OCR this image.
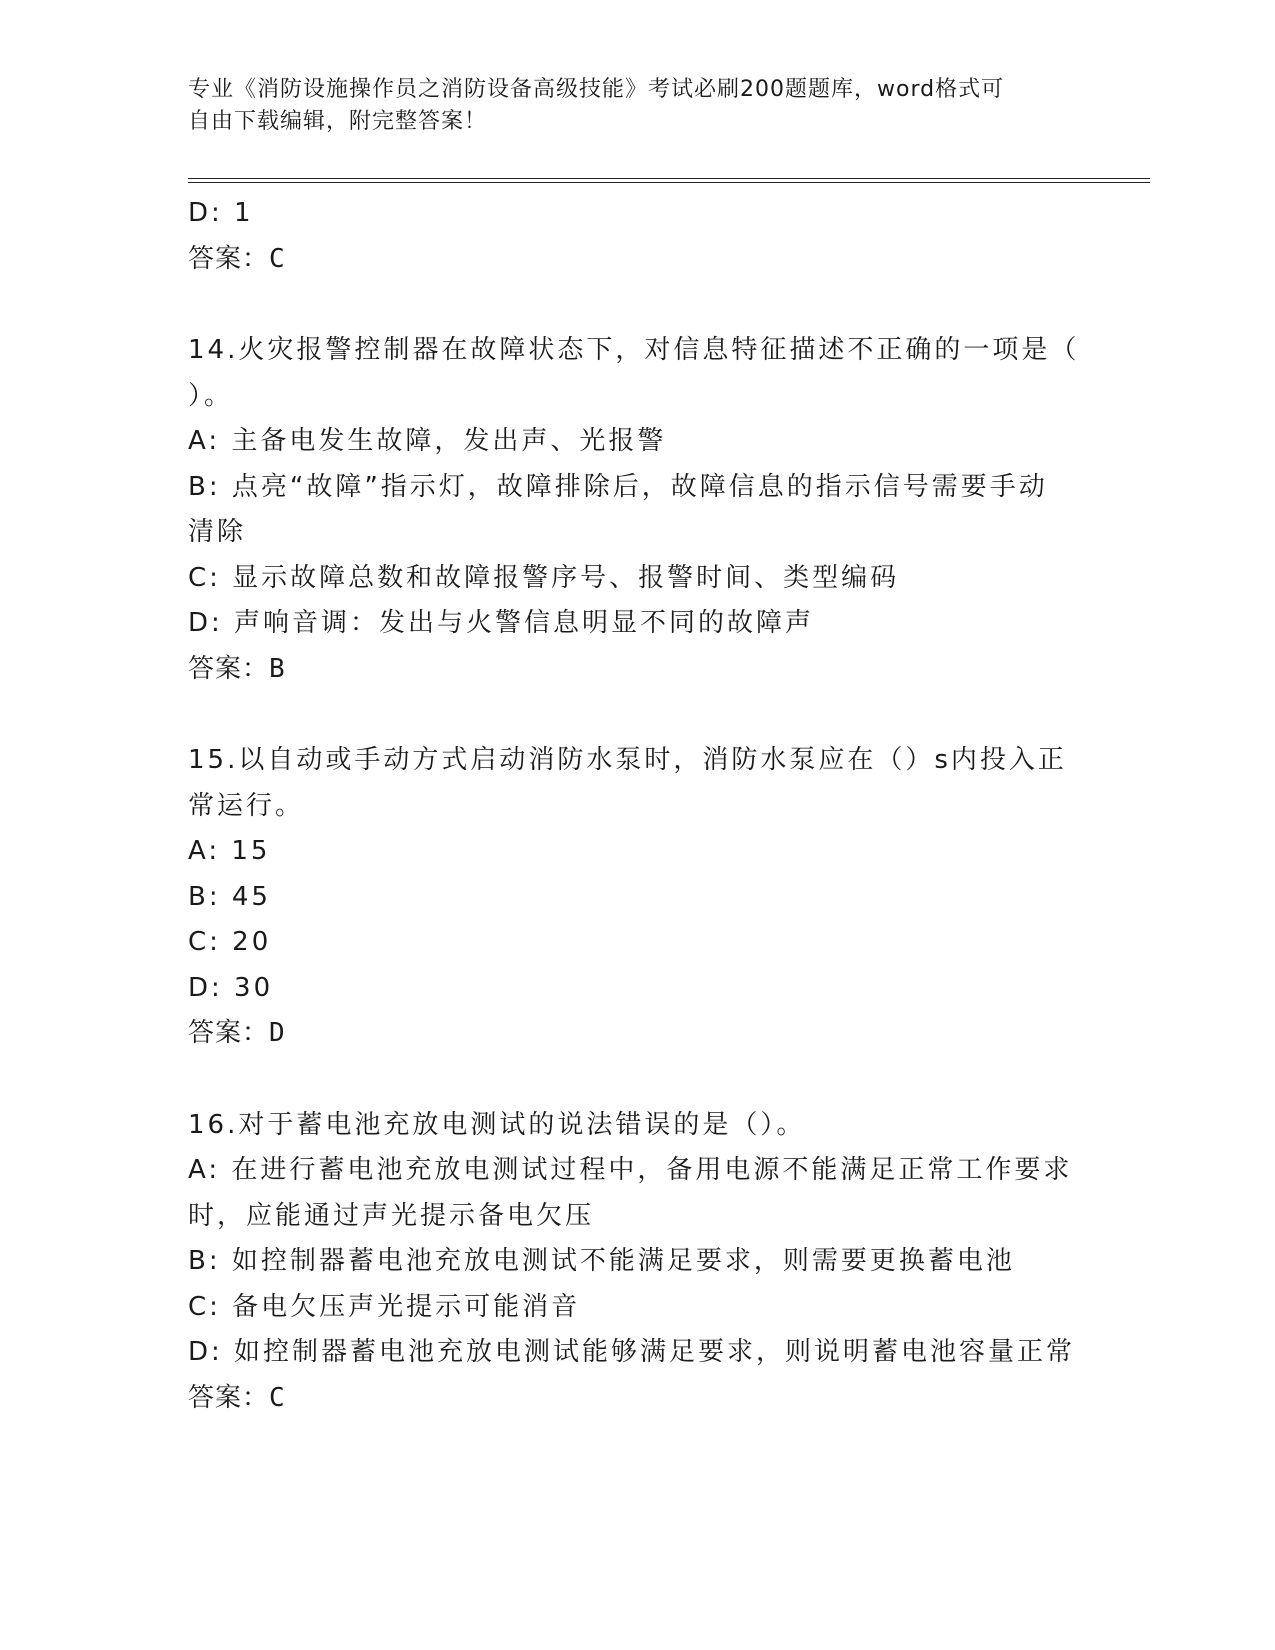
专业《消防设施操作员之消防设备高级技能》考试必刷200题题库，word格式可
自由下载编辑，附完整答案！
D: 1
答案：C
14.火灾报警控制器在故障状态下，对信息特征描述不正确的一项是（
）。
A: 主备电发生故障，发出声、光报警
B: 点亮“故障”指示灯，故障排除后，故障信息的指示信号需要手动
清除
C: 显示故障总数和故障报警序号、报警时间、类型编码
D: 声响音调：发出与火警信息明显不同的故障声
答案：B
15.以自动或手动方式启动消防水泵时，消防水泵应在（）s内投入正
常运行。
A: 15
B: 45
C: 20
D: 30
答案：D
16.对于蓄电池充放电测试的说法错误的是（）。
A: 在进行蓄电池充放电测试过程中，备用电源不能满足正常工作要求
时，应能通过声光提示备电欠压
B: 如控制器蓄电池充放电测试不能满足要求，则需要更换蓄电池
C: 备电欠压声光提示可能消音
D: 如控制器蓄电池充放电测试能够满足要求，则说明蓄电池容量正常
答案：C
